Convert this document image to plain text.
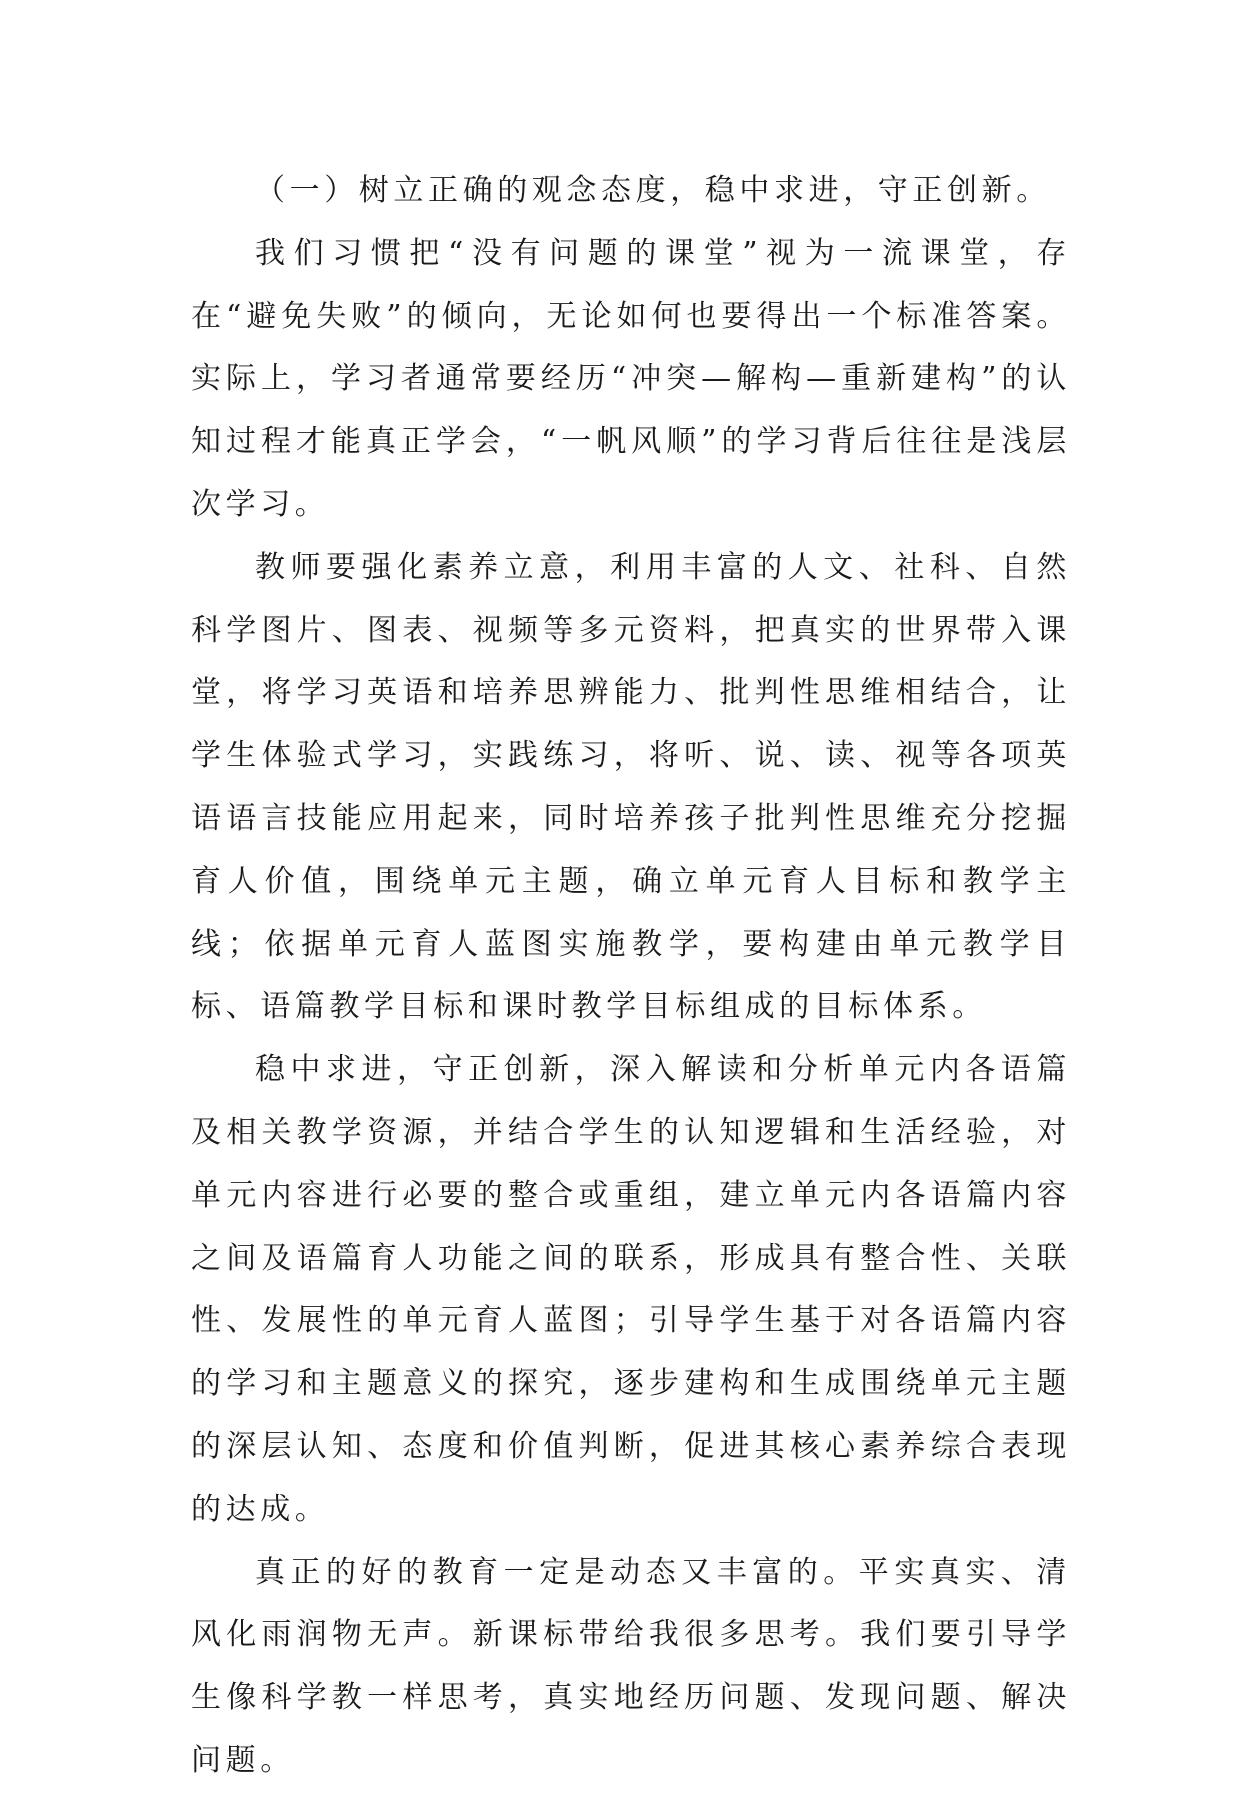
（一）树立正确的观念态度，稳中求进，守正创新。

我们习惯把“没有问题的课堂”视为一流课堂，存在“避免失败”的倾向，无论如何也要得出一个标准答案。实际上，学习者通常要经历“冲突—解构—重新建构”的认知过程才能真正学会，“一帆风顺”的学习背后往往是浅层次学习。

教师要强化素养立意，利用丰富的人文、社科、自然科学图片、图表、视频等多元资料，把真实的世界带入课堂，将学习英语和培养思辨能力、批判性思维相结合，让学生体验式学习，实践练习，将听、说、读、视等各项英语语言技能应用起来，同时培养孩子批判性思维充分挖掘育人价值，围绕单元主题，确立单元育人目标和教学主线；依据单元育人蓝图实施教学，要构建由单元教学目标、语篇教学目标和课时教学目标组成的目标体系。

稳中求进，守正创新，深入解读和分析单元内各语篇及相关教学资源，并结合学生的认知逻辑和生活经验，对单元内容进行必要的整合或重组，建立单元内各语篇内容之间及语篇育人功能之间的联系，形成具有整合性、关联性、发展性的单元育人蓝图；引导学生基于对各语篇内容的学习和主题意义的探究，逐步建构和生成围绕单元主题的深层认知、态度和价值判断，促进其核心素养综合表现的达成。

真正的好的教育一定是动态又丰富的。平实真实、清风化雨润物无声。新课标带给我很多思考。我们要引导学生像科学教一样思考，真实地经历问题、发现问题、解决问题。
